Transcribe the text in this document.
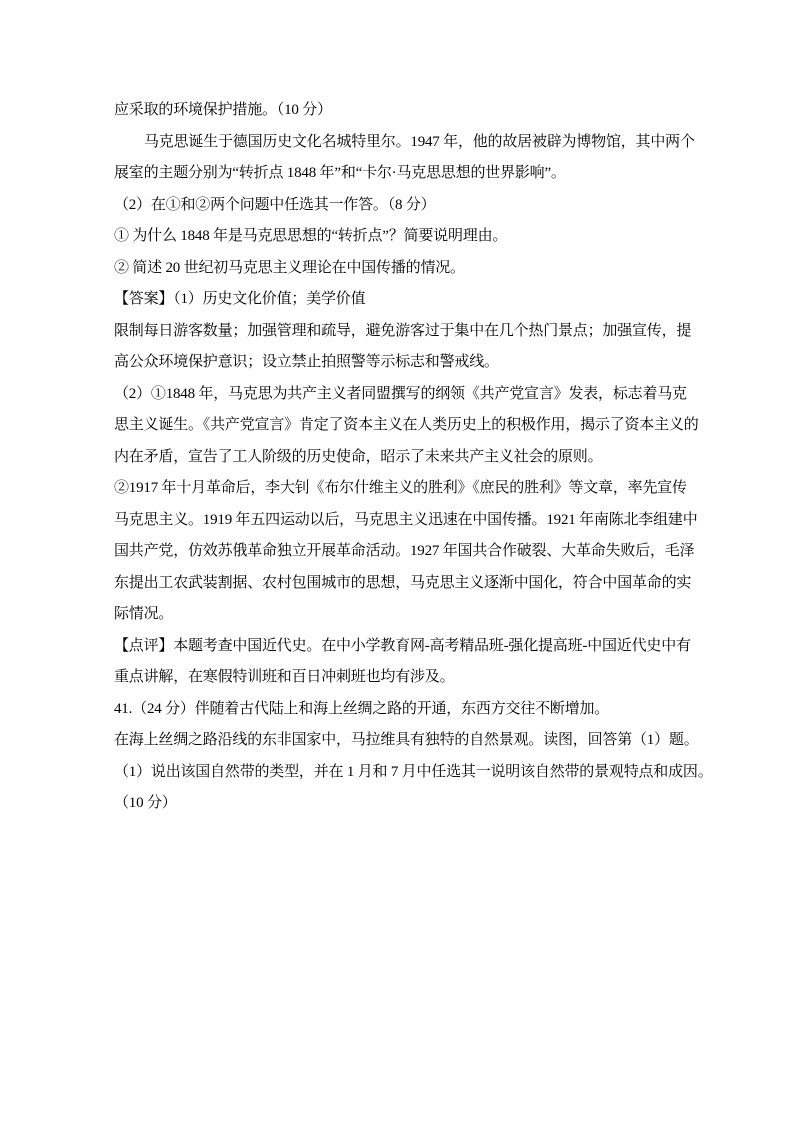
应采取的环境保护措施。（10 分）
马克思诞生于德国历史文化名城特里尔。1947 年，他的故居被辟为博物馆，其中两个
展室的主题分别为“转折点 1848 年”和“卡尔·马克思思想的世界影响”。
（2）在①和②两个问题中任选其一作答。（8 分）
① 为什么 1848 年是马克思思想的“转折点”？简要说明理由。
② 简述 20 世纪初马克思主义理论在中国传播的情况。
【答案】（1）历史文化价值；美学价值
限制每日游客数量；加强管理和疏导，避免游客过于集中在几个热门景点；加强宣传，提
高公众环境保护意识；设立禁止拍照警等示标志和警戒线。
（2）①1848 年，马克思为共产主义者同盟撰写的纲领《共产党宣言》发表，标志着马克
思主义诞生。《共产党宣言》肯定了资本主义在人类历史上的积极作用，揭示了资本主义的
内在矛盾，宣告了工人阶级的历史使命，昭示了未来共产主义社会的原则。
②1917 年十月革命后，李大钊《布尔什维主义的胜利》《庶民的胜利》等文章，率先宣传
马克思主义。1919 年五四运动以后，马克思主义迅速在中国传播。1921 年南陈北李组建中
国共产党，仿效苏俄革命独立开展革命活动。1927 年国共合作破裂、大革命失败后，毛泽
东提出工农武装割据、农村包围城市的思想，马克思主义逐渐中国化，符合中国革命的实
际情况。
【点评】本题考查中国近代史。在中小学教育网-高考精品班-强化提高班-中国近代史中有
重点讲解，在寒假特训班和百日冲刺班也均有涉及。
41.（24 分）伴随着古代陆上和海上丝绸之路的开通，东西方交往不断增加。
在海上丝绸之路沿线的东非国家中，马拉维具有独特的自然景观。读图，回答第（1）题。
（1）说出该国自然带的类型，并在 1 月和 7 月中任选其一说明该自然带的景观特点和成因。
（10 分）
